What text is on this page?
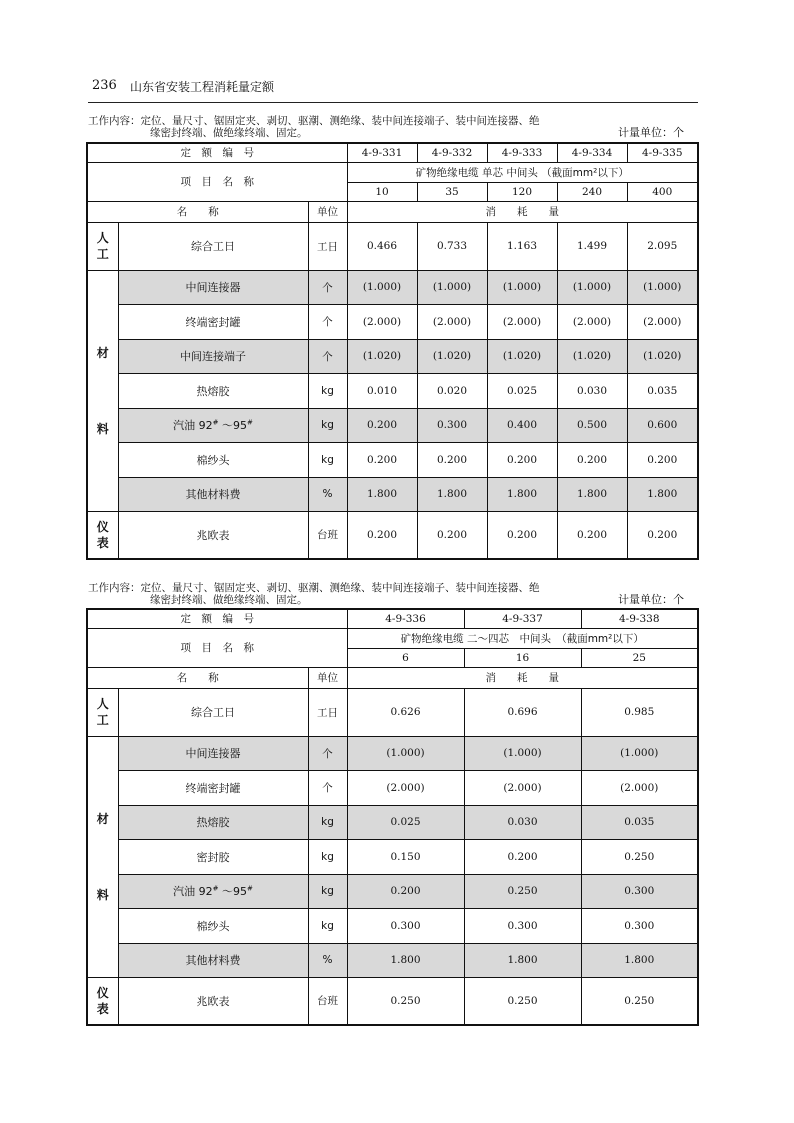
236 山东省安装工程消耗量定额
工作内容：定位、量尺寸、锯固定夹、剥切、驱潮、测绝缘、装中间连接端子、装中间连接器、绝
缘密封终端、做绝缘终端、固定。	计量单位：个
定　额　编　号			4-9-331	4-9-332	4-9-333	4-9-334	4-9-335
项　目　名　称			矿物绝缘电缆 单芯 中间头 （截面mm²以下）				
			10	35	120	240	400
名　　称		单位	消　　耗　　量				
人
工	综合工日	工日	0.466	0.733	1.163	1.499	2.095

材
料	中间连接器	个	(1.000)	(1.000)	(1.000)	(1.000)	(1.000)
	终端密封罐	个	(2.000)	(2.000)	(2.000)	(2.000)	(2.000)
	中间连接端子	个	(1.020)	(1.020)	(1.020)	(1.020)	(1.020)
	热熔胶	kg	0.010	0.020	0.025	0.030	0.035
	汽油 92# ～95#	kg	0.200	0.300	0.400	0.500	0.600
	棉纱头	kg	0.200	0.200	0.200	0.200	0.200
	其他材料费	%	1.800	1.800	1.800	1.800	1.800
仪
表	兆欧表	台班	0.200	0.200	0.200	0.200	0.200
工作内容：定位、量尺寸、锯固定夹、剥切、驱潮、测绝缘、装中间连接端子、装中间连接器、绝
缘密封终端、做绝缘终端、固定。	计量单位：个
定　额　编　号			4-9-336	4-9-337	4-9-338
项　目　名　称			矿物绝缘电缆 二～四芯　中间头　（截面mm²以下）		
			6	16	25
名　　称		单位	消　　耗　　量		
人
工	综合工日	工日	0.626	0.696	0.985

材
料	中间连接器	个	(1.000)	(1.000)	(1.000)
	终端密封罐	个	(2.000)	(2.000)	(2.000)
	热熔胶	kg	0.025	0.030	0.035
	密封胶	kg	0.150	0.200	0.250
	汽油 92# ～95#	kg	0.200	0.250	0.300
	棉纱头	kg	0.300	0.300	0.300
	其他材料费	%	1.800	1.800	1.800
仪
表	兆欧表	台班	0.250	0.250	0.250
